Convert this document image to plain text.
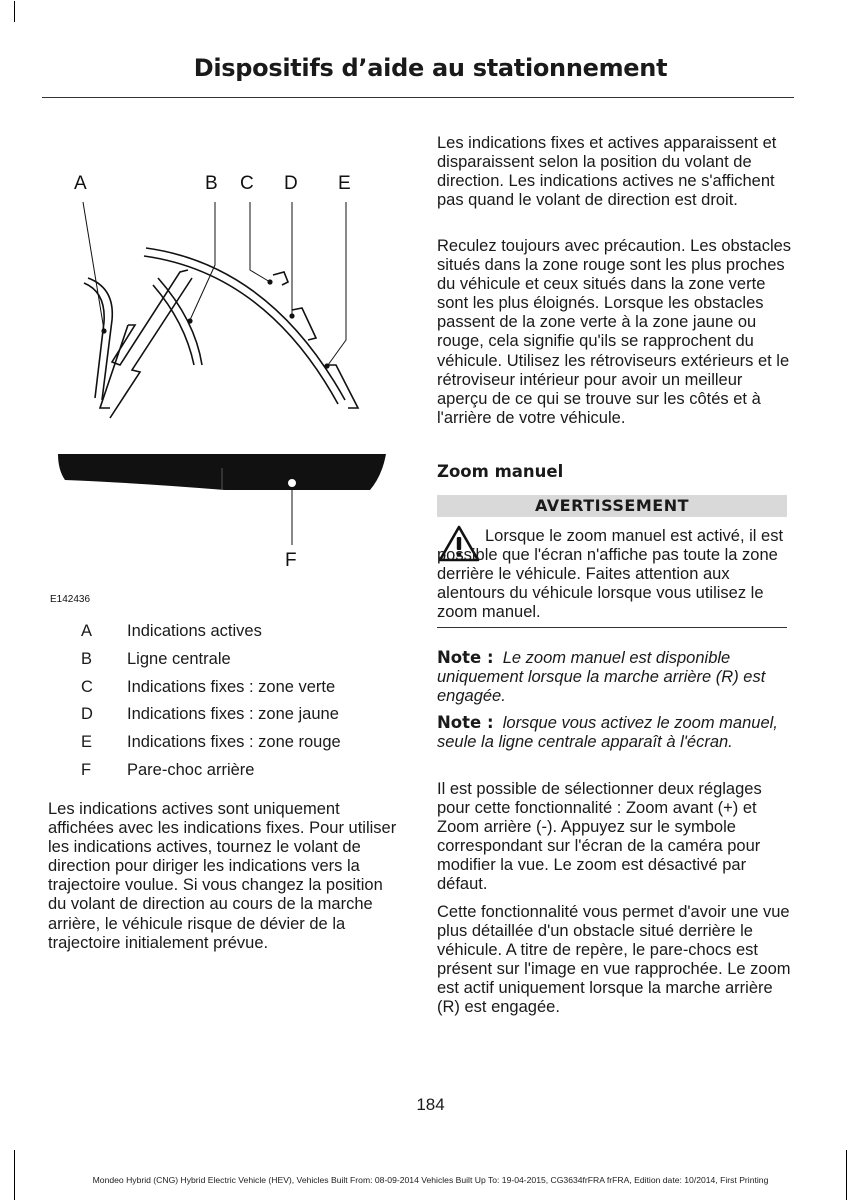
Dispositifs d’aide au stationnement
A	B C D E
F
E142436
A Indications actives
B Ligne centrale
C Indications fixes : zone verte
D Indications fixes : zone jaune
E Indications fixes : zone rouge
F Pare-choc arrière

Les indications actives sont uniquement affichées avec les indications fixes. Pour utiliser les indications actives, tournez le volant de direction pour diriger les indications vers la trajectoire voulue. Si vous changez la position du volant de direction au cours de la marche arrière, le véhicule risque de dévier de la trajectoire initialement prévue.

Les indications fixes et actives apparaissent et disparaissent selon la position du volant de direction. Les indications actives ne s'affichent pas quand le volant de direction est droit.

Reculez toujours avec précaution. Les obstacles situés dans la zone rouge sont les plus proches du véhicule et ceux situés dans la zone verte sont les plus éloignés. Lorsque les obstacles passent de la zone verte à la zone jaune ou rouge, cela signifie qu'ils se rapprochent du véhicule. Utilisez les rétroviseurs extérieurs et le rétroviseur intérieur pour avoir un meilleur aperçu de ce qui se trouve sur les côtés et à l'arrière de votre véhicule.

Zoom manuel
AVERTISSEMENT

Lorsque le zoom manuel est activé, il est possible que l'écran n'affiche pas toute la zone derrière le véhicule. Faites attention aux alentours du véhicule lorsque vous utilisez le zoom manuel.

Note : Le zoom manuel est disponible uniquement lorsque la marche arrière (R) est engagée.

Note : lorsque vous activez le zoom manuel, seule la ligne centrale apparaît à l'écran.

Il est possible de sélectionner deux réglages pour cette fonctionnalité : Zoom avant (+) et Zoom arrière (-). Appuyez sur le symbole correspondant sur l'écran de la caméra pour modifier la vue. Le zoom est désactivé par défaut.

Cette fonctionnalité vous permet d'avoir une vue plus détaillée d'un obstacle situé derrière le véhicule. A titre de repère, le pare-chocs est présent sur l'image en vue rapprochée. Le zoom est actif uniquement lorsque la marche arrière (R) est engagée.

184
Mondeo Hybrid (CNG) Hybrid Electric Vehicle (HEV), Vehicles Built From: 08-09-2014 Vehicles Built Up To: 19-04-2015, CG3634frFRA frFRA, Edition date: 10/2014, First Printing
